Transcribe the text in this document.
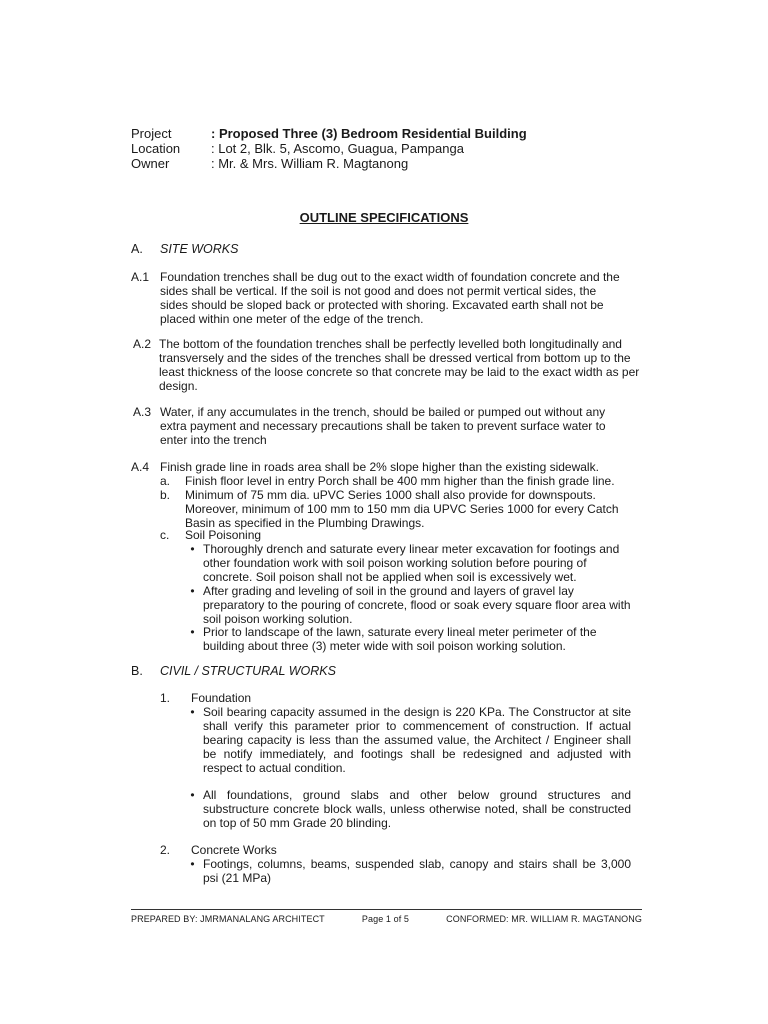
Project	: Proposed Three (3) Bedroom Residential Building
Location	: Lot 2, Blk. 5, Ascomo, Guagua, Pampanga
Owner	: Mr. & Mrs. William R. Magtanong
OUTLINE SPECIFICATIONS
A.	SITE WORKS
A.1 Foundation trenches shall be dug out to the exact width of foundation concrete and the sides shall be vertical. If the soil is not good and does not permit vertical sides, the sides should be sloped back or protected with shoring. Excavated earth shall not be placed within one meter of the edge of the trench.
A.2 The bottom of the foundation trenches shall be perfectly levelled both longitudinally and transversely and the sides of the trenches shall be dressed vertical from bottom up to the least thickness of the loose concrete so that concrete may be laid to the exact width as per design.
A.3 Water, if any accumulates in the trench, should be bailed or pumped out without any extra payment and necessary precautions shall be taken to prevent surface water to enter into the trench
A.4 Finish grade line in roads area shall be 2% slope higher than the existing sidewalk.
a.	Finish floor level in entry Porch shall be 400 mm higher than the finish grade line.
b.	Minimum of 75 mm dia. uPVC Series 1000 shall also provide for downspouts. Moreover, minimum of 100 mm to 150 mm dia UPVC Series 1000 for every Catch Basin as specified in the Plumbing Drawings.
c.	Soil Poisoning
• Thoroughly drench and saturate every linear meter excavation for footings and other foundation work with soil poison working solution before pouring of concrete. Soil poison shall not be applied when soil is excessively wet.
• After grading and leveling of soil in the ground and layers of gravel lay preparatory to the pouring of concrete, flood or soak every square floor area with soil poison working solution.
• Prior to landscape of the lawn, saturate every lineal meter perimeter of the building about three (3) meter wide with soil poison working solution.
B.	CIVIL / STRUCTURAL WORKS
1.	Foundation
• Soil bearing capacity assumed in the design is 220 KPa. The Constructor at site shall verify this parameter prior to commencement of construction. If actual bearing capacity is less than the assumed value, the Architect / Engineer shall be notify immediately, and footings shall be redesigned and adjusted with respect to actual condition.
• All foundations, ground slabs and other below ground structures and substructure concrete block walls, unless otherwise noted, shall be constructed on top of 50 mm Grade 20 blinding.
2.	Concrete Works
• Footings, columns, beams, suspended slab, canopy and stairs shall be 3,000 psi (21 MPa)
PREPARED BY: JMRMANALANG ARCHITECT	Page 1 of 5	CONFORMED: MR. WILLIAM R. MAGTANONG
